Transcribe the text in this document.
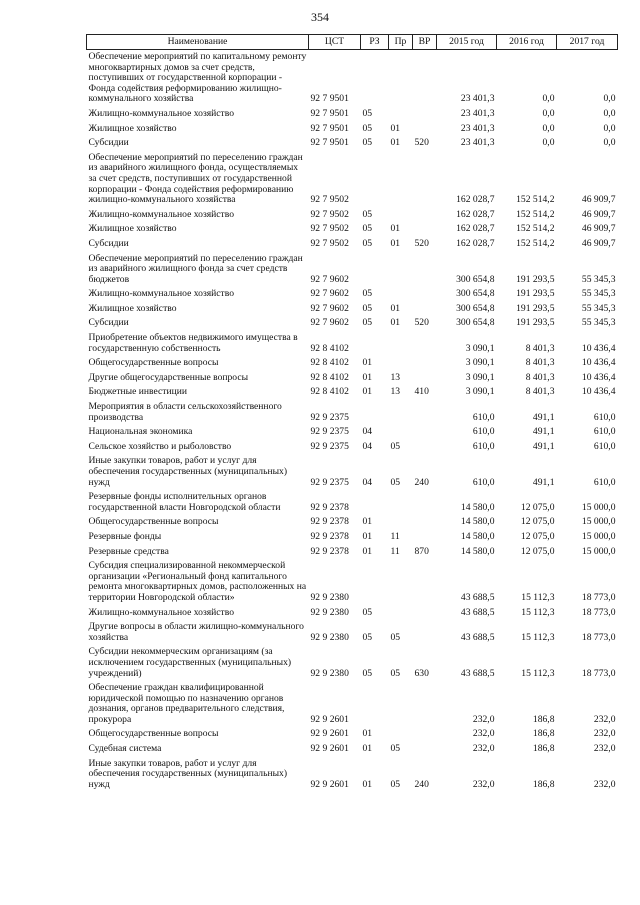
354
Наименование	ЦСТ	РЗ	Пр	ВР	2015 год	2016 год	2017 год
Обеспечение мероприятий по капитальному ремонту многоквартирных домов за счет средств, поступивших от государственной корпорации - Фонда содействия реформированию жилищно-коммунального хозяйства	92 7 9501				23 401,3	0,0	0,0
Жилищно-коммунальное хозяйство	92 7 9501	05			23 401,3	0,0	0,0
Жилищное хозяйство	92 7 9501	05	01		23 401,3	0,0	0,0
Субсидии	92 7 9501	05	01	520	23 401,3	0,0	0,0
Обеспечение мероприятий по переселению граждан из аварийного жилищного фонда, осуществляемых за счет средств, поступивших от государственной корпорации - Фонда содействия реформированию жилищно-коммунального хозяйства	92 7 9502				162 028,7	152 514,2	46 909,7
Жилищно-коммунальное хозяйство	92 7 9502	05			162 028,7	152 514,2	46 909,7
Жилищное хозяйство	92 7 9502	05	01		162 028,7	152 514,2	46 909,7
Субсидии	92 7 9502	05	01	520	162 028,7	152 514,2	46 909,7
Обеспечение мероприятий по переселению граждан из аварийного жилищного фонда за счет средств бюджетов	92 7 9602				300 654,8	191 293,5	55 345,3
Жилищно-коммунальное хозяйство	92 7 9602	05			300 654,8	191 293,5	55 345,3
Жилищное хозяйство	92 7 9602	05	01		300 654,8	191 293,5	55 345,3
Субсидии	92 7 9602	05	01	520	300 654,8	191 293,5	55 345,3
Приобретение объектов недвижимого имущества в государственную собственность	92 8 4102				3 090,1	8 401,3	10 436,4
Общегосударственные вопросы	92 8 4102	01			3 090,1	8 401,3	10 436,4
Другие общегосударственные вопросы	92 8 4102	01	13		3 090,1	8 401,3	10 436,4
Бюджетные инвестиции	92 8 4102	01	13	410	3 090,1	8 401,3	10 436,4
Мероприятия в области сельскохозяйственного производства	92 9 2375				610,0	491,1	610,0
Национальная экономика	92 9 2375	04			610,0	491,1	610,0
Сельское хозяйство и рыболовство	92 9 2375	04	05		610,0	491,1	610,0
Иные закупки товаров, работ и услуг для обеспечения государственных (муниципальных) нужд	92 9 2375	04	05	240	610,0	491,1	610,0
Резервные фонды исполнительных органов государственной власти Новгородской области	92 9 2378				14 580,0	12 075,0	15 000,0
Общегосударственные вопросы	92 9 2378	01			14 580,0	12 075,0	15 000,0
Резервные фонды	92 9 2378	01	11		14 580,0	12 075,0	15 000,0
Резервные средства	92 9 2378	01	11	870	14 580,0	12 075,0	15 000,0
Субсидия специализированной некоммерческой организации «Региональный фонд капитального ремонта многоквартирных домов, расположенных на территории Новгородской области»	92 9 2380				43 688,5	15 112,3	18 773,0
Жилищно-коммунальное хозяйство	92 9 2380	05			43 688,5	15 112,3	18 773,0
Другие вопросы в области жилищно-коммунального хозяйства	92 9 2380	05	05		43 688,5	15 112,3	18 773,0
Субсидии некоммерческим организациям (за исключением государственных (муниципальных) учреждений)	92 9 2380	05	05	630	43 688,5	15 112,3	18 773,0
Обеспечение граждан квалифицированной юридической помощью по назначению органов дознания, органов предварительного следствия, прокурора	92 9 2601				232,0	186,8	232,0
Общегосударственные вопросы	92 9 2601	01			232,0	186,8	232,0
Судебная система	92 9 2601	01	05		232,0	186,8	232,0
Иные закупки товаров, работ и услуг для обеспечения государственных (муниципальных) нужд	92 9 2601	01	05	240	232,0	186,8	232,0
